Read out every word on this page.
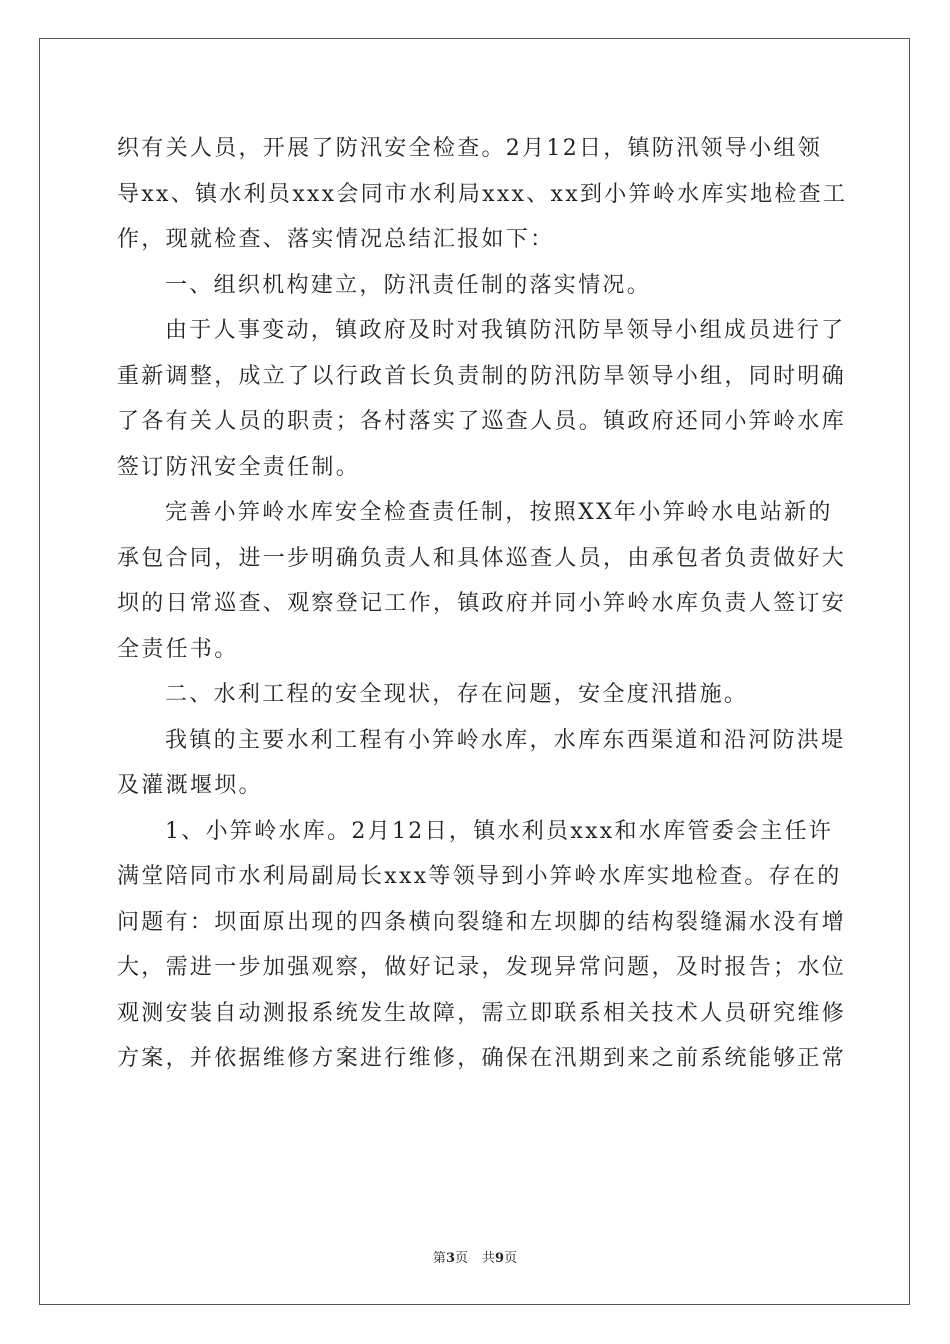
织有关人员，开展了防汛安全检查。2月12日，镇防汛领导小组领
导xx、镇水利员xxx会同市水利局xxx、xx到小笄岭水库实地检查工
作，现就检查、落实情况总结汇报如下：
一、组织机构建立，防汛责任制的落实情况。
由于人事变动，镇政府及时对我镇防汛防旱领导小组成员进行了
重新调整，成立了以行政首长负责制的防汛防旱领导小组，同时明确
了各有关人员的职责；各村落实了巡查人员。镇政府还同小笄岭水库
签订防汛安全责任制。
完善小笄岭水库安全检查责任制，按照XX年小笄岭水电站新的
承包合同，进一步明确负责人和具体巡查人员，由承包者负责做好大
坝的日常巡查、观察登记工作，镇政府并同小笄岭水库负责人签订安
全责任书。
二、水利工程的安全现状，存在问题，安全度汛措施。
我镇的主要水利工程有小笄岭水库，水库东西渠道和沿河防洪堤
及灌溉堰坝。
1、小笄岭水库。2月12日，镇水利员xxx和水库管委会主任许
满堂陪同市水利局副局长xxx等领导到小笄岭水库实地检查。存在的
问题有：坝面原出现的四条横向裂缝和左坝脚的结构裂缝漏水没有增
大，需进一步加强观察，做好记录，发现异常问题，及时报告；水位
观测安装自动测报系统发生故障，需立即联系相关技术人员研究维修
方案，并依据维修方案进行维修，确保在汛期到来之前系统能够正常
第3页 共9页
